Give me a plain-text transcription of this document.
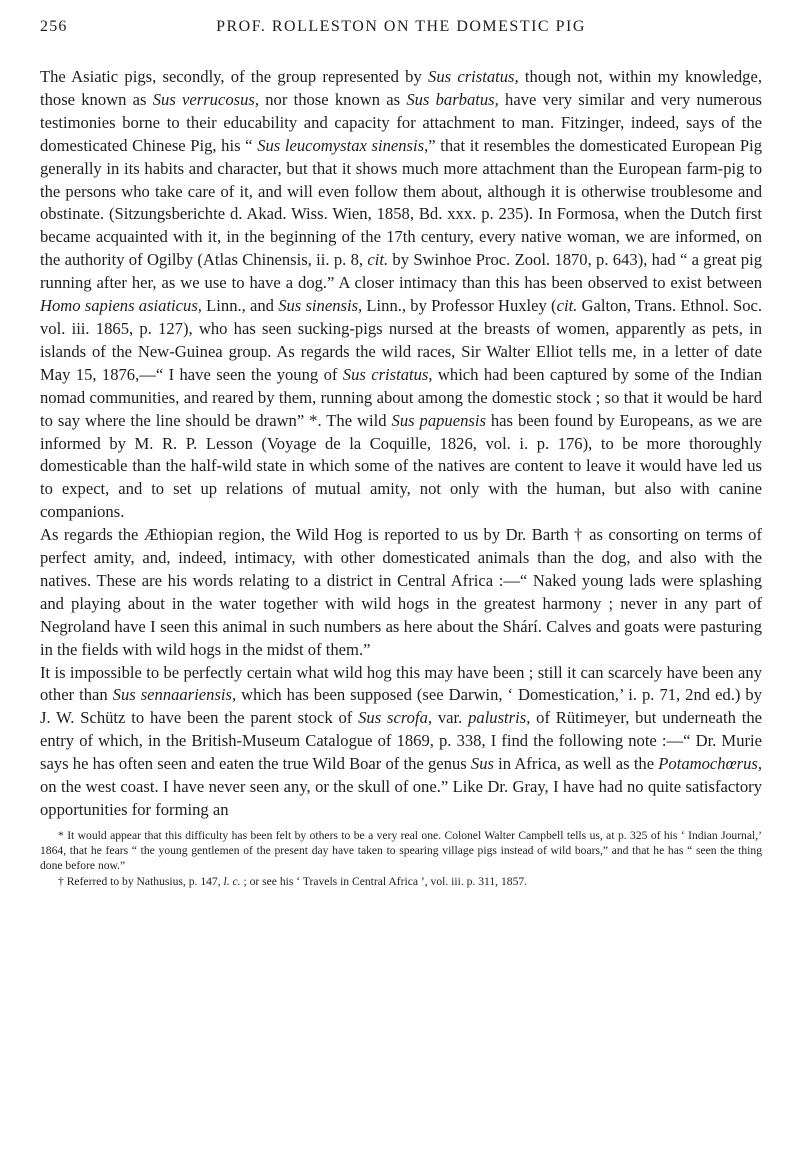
256	PROF. ROLLESTON ON THE DOMESTIC PIG

The Asiatic pigs, secondly, of the group represented by Sus cristatus, though not, within my knowledge, those known as Sus verrucosus, nor those known as Sus barbatus, have very similar and very numerous testimonies borne to their educability and capacity for attachment to man. Fitzinger, indeed, says of the domesticated Chinese Pig, his “ Sus leucomystax sinensis,” that it resembles the domesticated European Pig generally in its habits and character, but that it shows much more attachment than the European farm-pig to the persons who take care of it, and will even follow them about, although it is otherwise troublesome and obstinate. (Sitzungsberichte d. Akad. Wiss. Wien, 1858, Bd. xxx. p. 235). In Formosa, when the Dutch first became acquainted with it, in the beginning of the 17th century, every native woman, we are informed, on the authority of Ogilby (Atlas Chinensis, ii. p. 8, cit. by Swinhoe Proc. Zool. 1870, p. 643), had “ a great pig running after her, as we use to have a dog.” A closer intimacy than this has been observed to exist between Homo sapiens asiaticus, Linn., and Sus sinensis, Linn., by Professor Huxley (cit. Galton, Trans. Ethnol. Soc. vol. iii. 1865, p. 127), who has seen sucking-pigs nursed at the breasts of women, apparently as pets, in islands of the New-Guinea group. As regards the wild races, Sir Walter Elliot tells me, in a letter of date May 15, 1876,—“ I have seen the young of Sus cristatus, which had been captured by some of the Indian nomad communities, and reared by them, running about among the domestic stock ; so that it would be hard to say where the line should be drawn” *. The wild Sus papuensis has been found by Europeans, as we are informed by M. R. P. Lesson (Voyage de la Coquille, 1826, vol. i. p. 176), to be more thoroughly domesticable than the half-wild state in which some of the natives are content to leave it would have led us to expect, and to set up relations of mutual amity, not only with the human, but also with canine companions.

As regards the Æthiopian region, the Wild Hog is reported to us by Dr. Barth † as consorting on terms of perfect amity, and, indeed, intimacy, with other domesticated animals than the dog, and also with the natives. These are his words relating to a district in Central Africa :—“ Naked young lads were splashing and playing about in the water together with wild hogs in the greatest harmony ; never in any part of Negroland have I seen this animal in such numbers as here about the Shárí. Calves and goats were pasturing in the fields with wild hogs in the midst of them.”

It is impossible to be perfectly certain what wild hog this may have been ; still it can scarcely have been any other than Sus sennaariensis, which has been supposed (see Darwin, ‘ Domestication,’ i. p. 71, 2nd ed.) by J. W. Schütz to have been the parent stock of Sus scrofa, var. palustris, of Rütimeyer, but underneath the entry of which, in the British-Museum Catalogue of 1869, p. 338, I find the following note :—“ Dr. Murie says he has often seen and eaten the true Wild Boar of the genus Sus in Africa, as well as the Potamochœrus, on the west coast. I have never seen any, or the skull of one.” Like Dr. Gray, I have had no quite satisfactory opportunities for forming an

* It would appear that this difficulty has been felt by others to be a very real one. Colonel Walter Campbell tells us, at p. 325 of his ‘ Indian Journal,’ 1864, that he fears “ the young gentlemen of the present day have taken to spearing village pigs instead of wild boars,” and that he has “ seen the thing done before now.”

† Referred to by Nathusius, p. 147, l. c. ; or see his ‘ Travels in Central Africa ’, vol. iii. p. 311, 1857.
